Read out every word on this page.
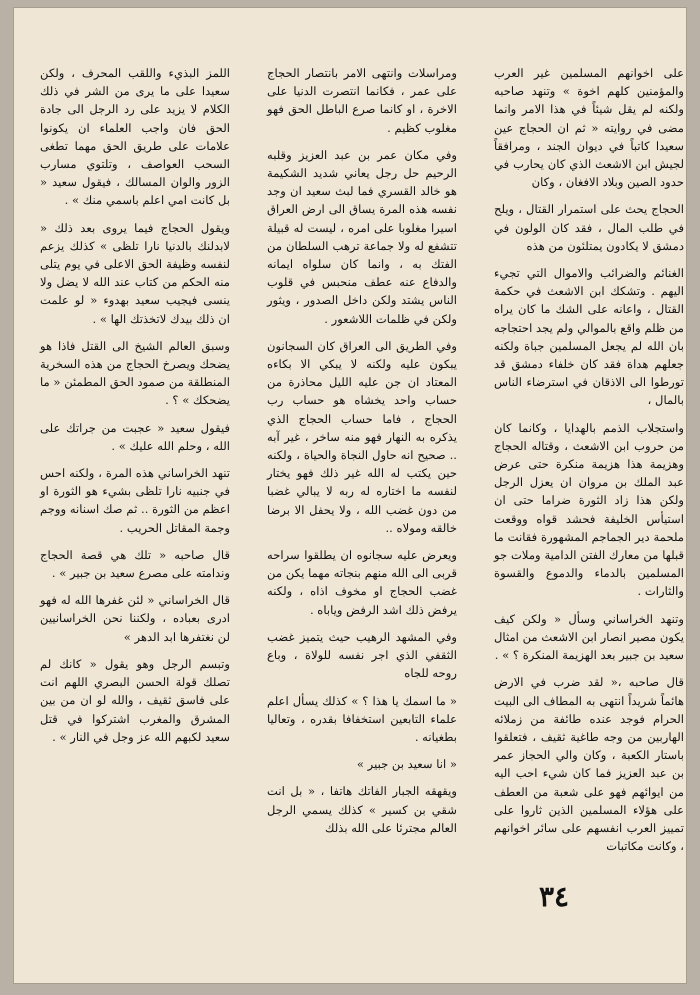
على اخوانهم المسلمين غير العرب والمؤمنين كلهم اخوة » وتنهد صاحبه ولكنه لم يقل شيئاً في هذا الامر وانما مضى في روايته « ثم ان الحجاج عين سعيدا كاتباً في ديوان الجند ، ومرافقاً لجيش ابن الاشعث الذي كان يحارب في حدود الصين وبلاد الافغان ، وكان

الحجاج يحث على استمرار القتال ، ويلح في طلب المال ، فقد كان الولون في دمشق لا يكادون يمتلئون من هذه

الغنائم والضرائب والاموال التي تجيء اليهم . وتشكك ابن الاشعث في حكمة القتال ، واعانه على الشك ما كان يراه من ظلم واقع بالموالي ولم يجد احتجاجه بان الله لم يجعل المسلمين جباة ولكنه جعلهم هداة فقد كان خلفاء دمشق قد تورطوا الى الاذقان في استرضاء الناس بالمال ،

واستجلاب الذمم بالهدايا ، وكانما كان من حروب ابن الاشعث ، وقتاله الحجاج وهزيمة هذا هزيمة منكرة حتى عرض عبد الملك بن مروان ان يعزل الرجل ولكن هذا زاد الثورة ضراما حتى ان استيأس الخليفة فحشد قواه ووقعت ملحمة دير الجماجم المشهورة فقانت ما قبلها من معارك الفتن الدامية وملات جو المسلمين بالدماء والدموع والقسوة والثارات .

وتنهد الخراساني وسأل « ولكن كيف يكون مصير انصار ابن الاشعث من امثال سعيد بن جبير بعد الهزيمة المنكرة ؟ » .

قال صاحبه ،« لقد ضرب في الارض هائماً شريداً انتهى به المطاف الى البيت الحرام فوجد عنده طائفة من زملائه الهاربين من وجه طاغية ثقيف ، فتعلقوا باستار الكعبة ، وكان والي الحجاز عمر بن عبد العزيز فما كان شيء احب اليه من ايوائهم فهو على شعبة من العطف على هؤلاء المسلمين الذين ثاروا على تمييز العرب انفسهم على سائر اخوانهم ، وكانت مكاتبات

ومراسلات وانتهى الامر بانتصار الحجاج على عمر ، فكانما انتصرت الدنيا على الاخرة ، او كانما صرع الباطل الحق فهو مغلوب كظيم .

وفي مكان عمر بن عبد العزيز وقلبه الرحيم حل رجل يعاني شديد الشكيمة هو خالد القسري فما لبث سعيد ان وجد نفسه هذه المرة يساق الى ارض العراق اسيرا مغلوبا على امره ، ليست له قبيلة تتشفع له ولا جماعة ترهب السلطان من الفتك به ، وانما كان سلواه ايمانه والدفاع عنه عطف منحبس في قلوب الناس يشتد ولكن داخل الصدور ، ويثور ولكن في ظلمات اللاشعور .

وفي الطريق الى العراق كان السجانون يبكون عليه ولكنه لا يبكي الا بكاءه المعتاد ان جن عليه الليل محاذرة من حساب واحد يخشاه هو حساب رب الحجاج ، فاما حساب الحجاج الذي يذكره به النهار فهو منه ساخر ، غير آبه .. صحيح انه حاول النجاة والحياة ، ولكنه حين يكتب له الله غير ذلك فهو يختار لنفسه ما اختاره له ربه لا يبالي غضبا من دون غضب الله ، ولا يحفل الا برضا خالقه ومولاه ..

ويعرض عليه سجانوه ان يطلقوا سراحه قربى الى الله منهم بنجاته مهما يكن من غضب الحجاج او مخوف اذاه ، ولكنه يرفض ذلك اشد الرفض وياباه .

وفي المشهد الرهيب حيث يتميز غضب الثقفي الذي اجر نفسه للولاة ، وباع روحه للجاه

« ما اسمك يا هذا ؟ » كذلك يسأل اعلم علماء التابعين استخفافا بقدره ، وتعاليا بطغيانه .

« انا سعيد بن جبير »

ويقهقه الجبار الفاتك هاتفا ، « بل انت شقي بن كسير » كذلك يسمي الرجل العالم مجترئا على الله بذلك

اللمز البذيء واللقب المحرف ، ولكن سعيدا على ما يرى من الشر في ذلك الكلام لا يزيد على رد الرجل الى جادة الحق فان واجب العلماء ان يكونوا علامات على طريق الحق مهما تطغى السحب العواصف ، وتلتوي مسارب الزور والوان المسالك ، فيقول سعيد « بل كانت امي اعلم باسمي منك » .

ويقول الحجاج فيما يروى بعد ذلك « لابدلنك بالدنيا نارا تلظى » كذلك يزعم لنفسه وظيفة الحق الاعلى في يوم يتلى منه الحكم من كتاب عند الله لا يضل ولا ينسى فيجيب سعيد بهدوء « لو علمت ان ذلك بيدك لاتخذتك الها » .

وسبق العالم الشيخ الى القتل فاذا هو يضحك ويصرخ الحجاج من هذه السخرية المنطلقة من صمود الحق المطمئن « ما يضحكك » ؟ .

فيقول سعيد « عجبت من جراتك على الله ، وحلم الله عليك » .

تنهد الخراساني هذه المرة ، ولكنه احس في جنبيه نارا تلظى بشيء هو الثورة او اعظم من الثورة .. ثم صك اسنانه ووجم وجمة المقاتل الحريب .

قال صاحبه « تلك هي قصة الحجاج وندامته على مصرع سعيد بن جبير » .

قال الخراساني « لئن غفرها الله له فهو ادرى بعباده ، ولكننا نحن الخراسانيين لن نغتفرها ابد الدهر »

وتبسم الرجل وهو يقول « كانك لم تصلك قولة الحسن البصري اللهم انت على فاسق ثقيف ، والله لو ان من بين المشرق والمغرب اشتركوا في قتل سعيد لكبهم الله عز وجل في النار » .

٣٤
